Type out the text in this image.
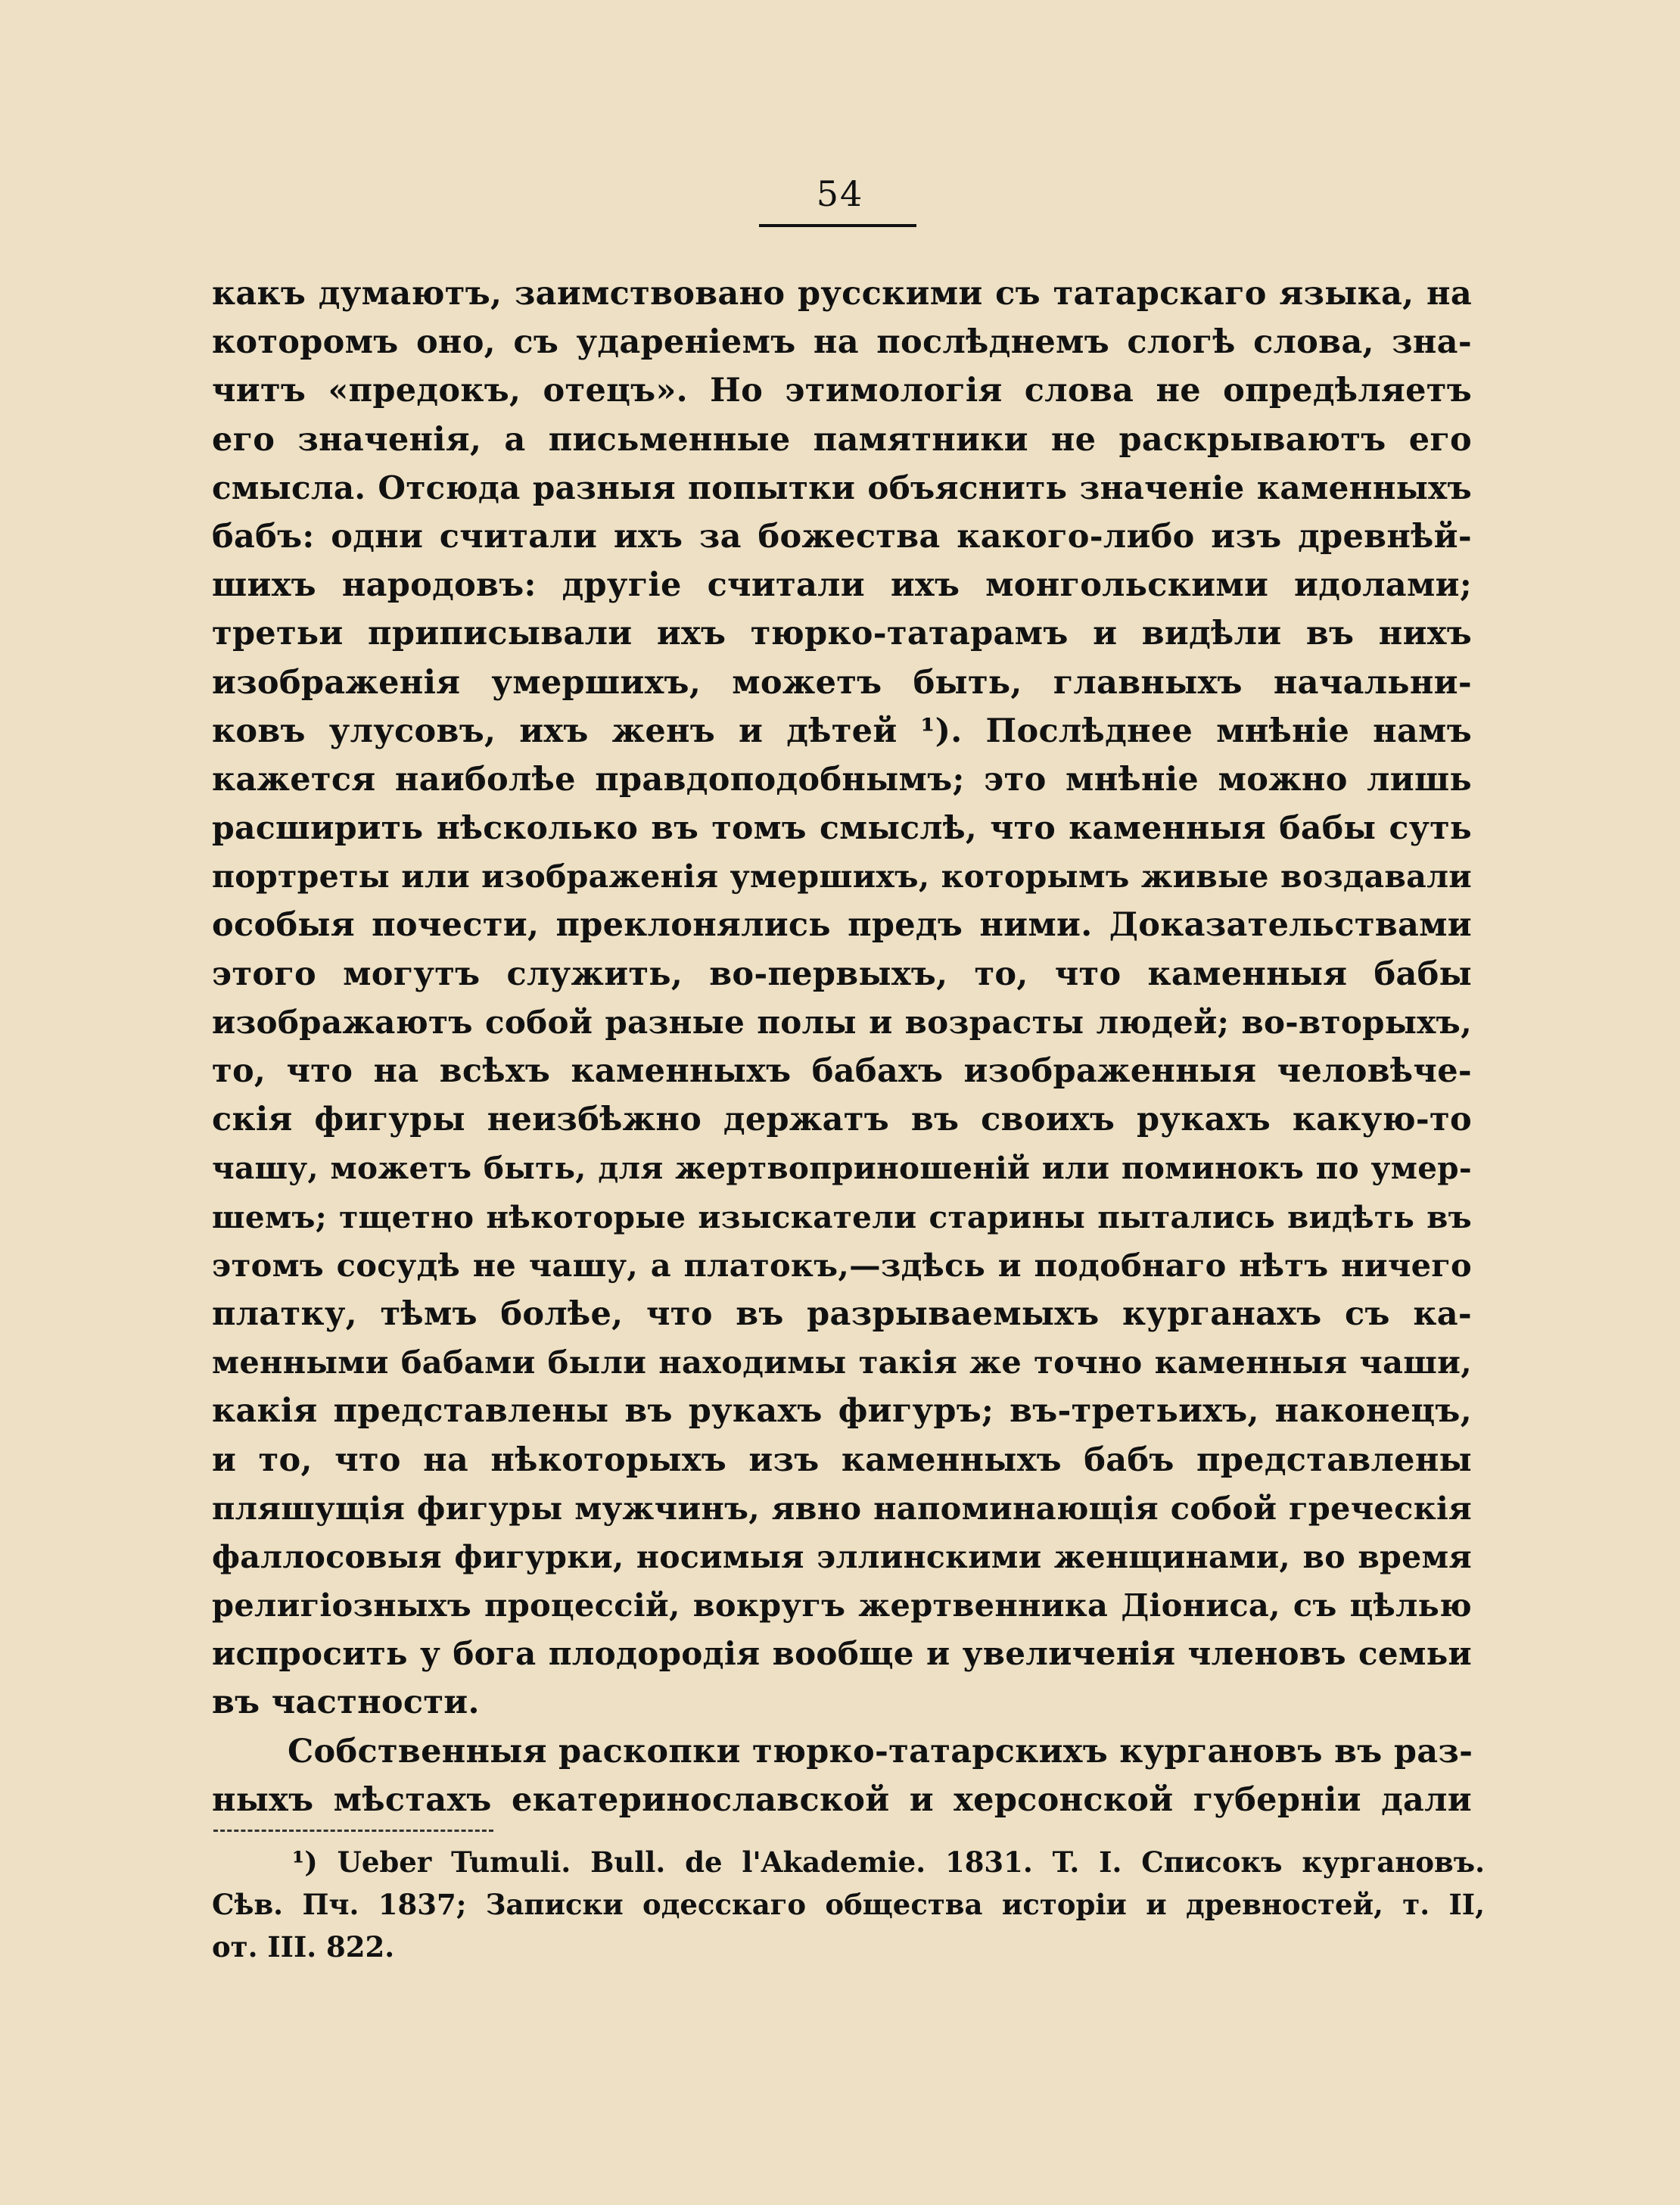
54
какъ думаютъ, заимствовано русскими съ татарскаго языка, на
которомъ оно, съ удареніемъ на послѣднемъ слогѣ слова, зна-
читъ «предокъ, отецъ». Но этимологія слова не опредѣляетъ
его значенія, а письменные памятники не раскрываютъ его
смысла. Отсюда разныя попытки объяснить значеніе каменныхъ
бабъ: одни считали ихъ за божества какого-либо изъ древнѣй-
шихъ народовъ: другіе считали ихъ монгольскими идолами;
третьи приписывали ихъ тюрко-татарамъ и видѣли въ нихъ
изображенія умершихъ, можетъ быть, главныхъ начальни-
ковъ улусовъ, ихъ женъ и дѣтей ¹). Послѣднее мнѣніе намъ
кажется наиболѣе правдоподобнымъ; это мнѣніе можно лишь
расширить нѣсколько въ томъ смыслѣ, что каменныя бабы суть
портреты или изображенія умершихъ, которымъ живые воздавали
особыя почести, преклонялись предъ ними. Доказательствами
этого могутъ служить, во-первыхъ, то, что каменныя бабы
изображаютъ собой разные полы и возрасты людей; во-вторыхъ,
то, что на всѣхъ каменныхъ бабахъ изображенныя человѣче-
скія фигуры неизбѣжно держатъ въ своихъ рукахъ какую-то
чашу, можетъ быть, для жертвоприношеній или поминокъ по умер-
шемъ; тщетно нѣкоторые изыскатели старины пытались видѣть въ
этомъ сосудѣ не чашу, а платокъ,—здѣсь и подобнаго нѣтъ ничего
платку, тѣмъ болѣе, что въ разрываемыхъ курганахъ съ ка-
менными бабами были находимы такія же точно каменныя чаши,
какія представлены въ рукахъ фигуръ; въ-третьихъ, наконецъ,
и то, что на нѣкоторыхъ изъ каменныхъ бабъ представлены
пляшущія фигуры мужчинъ, явно напоминающія собой греческія
фаллосовыя фигурки, носимыя эллинскими женщинами, во время
религіозныхъ процессій, вокругъ жертвенника Діониса, съ цѣлью
испросить у бога плодородія вообще и увеличенія членовъ семьи
въ частности.
Собственныя раскопки тюрко-татарскихъ кургановъ въ раз-
ныхъ мѣстахъ екатеринославской и херсонской губерніи дали
¹) Ueber Tumuli. Bull. de l'Akademie. 1831. T. I. Списокъ кургановъ.
Сѣв. Пч. 1837; Записки одесскаго общества исторіи и древностей, т. II,
от. III. 822.
